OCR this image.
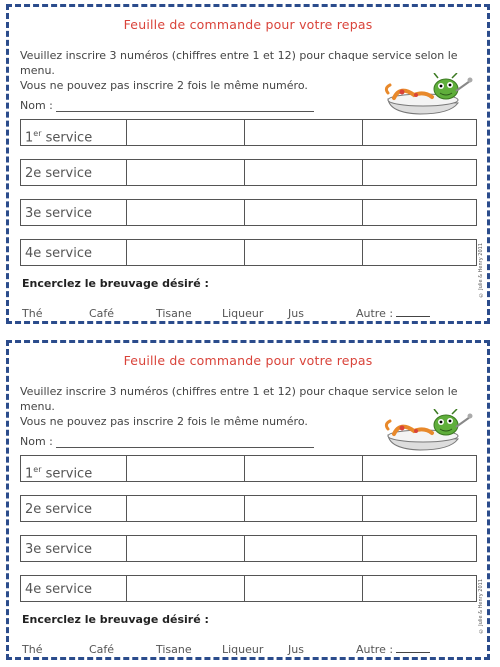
Feuille de commande pour votre repas
Veuillez inscrire 3 numéros (chiffres entre 1 et 12) pour chaque service selon le menu.
Vous ne pouvez pas inscrire 2 fois le même numéro.
Nom :
1er service
2e service
3e service
4e service
Encerclez le breuvage désiré :
Thé	Café	Tisane	Liqueur Jus	Autre :
© Julie & Henry 2011
Feuille de commande pour votre repas
Veuillez inscrire 3 numéros (chiffres entre 1 et 12) pour chaque service selon le menu.
Vous ne pouvez pas inscrire 2 fois le même numéro.
Nom :
1er service
2e service
3e service
4e service
Encerclez le breuvage désiré :
Thé	Café	Tisane	Liqueur Jus	Autre :
© Julie & Henry 2011
